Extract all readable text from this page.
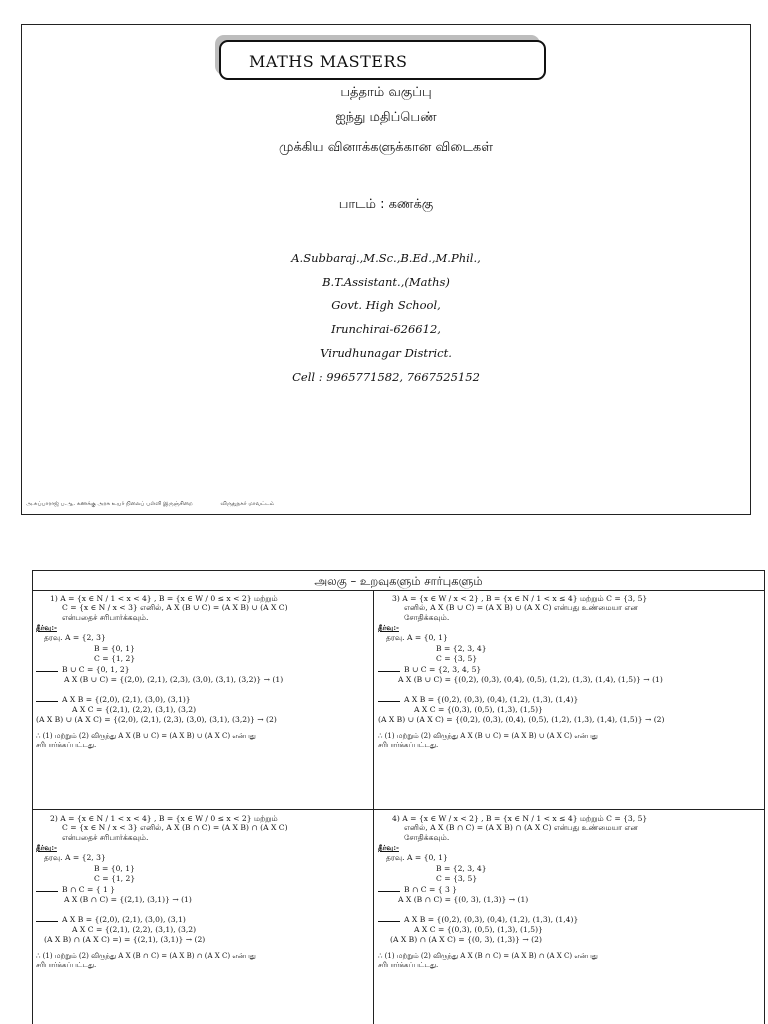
MATHS MASTERS
பத்தாம் வகுப்பு
ஐந்து மதிப்பெண்
முக்கிய வினாக்களுக்கான விடைகள்
பாடம் : கணக்கு
A.Subbaraj.,M.Sc.,B.Ed.,M.Phil.,
B.T.Assistant.,(Maths)
Govt. High School,
Irunchirai-626612,
Virudhunagar District.
Cell : 9965771582, 7667525152
அ.சுப்பாராஜ் ப.ஆ. கணக்கு அரசு உயர் நிலைப் பள்ளி இருஞ்சிறை	விருதுநகர் மாவட்டம்
அலகு – உறவுகளும் சார்புகளும்
1) A = {x ∈ N / 1 < x < 4} , B = {x ∈ W / 0 ≤ x < 2} மற்றும்
C = {x ∈ N / x < 3} எனில், A X (B ∪ C) = (A X B) ∪ (A X C)
என்பதைச் சரிபார்க்கவும்.
தீர்வு:-
தரவு. A = {2, 3}
B = {0, 1}
C = {1, 2}
B ∪ C = {0, 1, 2}
A X (B ∪ C) = {(2,0), (2,1), (2,3), (3,0), (3,1), (3,2)} → (1)
A X B = {(2,0), (2,1), (3,0), (3,1)}
A X C = {(2,1), (2,2), (3,1), (3,2)
(A X B) ∪ (A X C) = {(2,0), (2,1), (2,3), (3,0), (3,1), (3,2)} → (2)
∴ (1) மற்றும் (2) விருந்து A X (B ∪ C) = (A X B) ∪ (A X C) என்பது
சரிபார்க்கப்பட்டது.
3) A = {x ∈ W / x < 2} , B = {x ∈ N / 1 < x ≤ 4} மற்றும் C = {3, 5}
எனில், A X (B ∪ C) = (A X B) ∪ (A X C) என்பது உண்மையா என
சோதிக்கவும்.
தீர்வு:-
தரவு. A = {0, 1}
B = {2, 3, 4}
C = {3, 5}
B ∪ C = {2, 3, 4, 5}
A X (B ∪ C) = {(0,2), (0,3), (0,4), (0,5), (1,2), (1,3), (1,4), (1,5)} → (1)
A X B = {(0,2), (0,3), (0,4), (1,2), (1,3), (1,4)}
A X C = {(0,3), (0,5), (1,3), (1,5)}
(A X B) ∪ (A X C) = {(0,2), (0,3), (0,4), (0,5), (1,2), (1,3), (1,4), (1,5)} → (2)
∴ (1) மற்றும் (2) விருந்து A X (B ∪ C) = (A X B) ∪ (A X C) என்பது
சரிபார்க்கப்பட்டது.
2) A = {x ∈ N / 1 < x < 4} , B = {x ∈ W / 0 ≤ x < 2} மற்றும்
C = {x ∈ N / x < 3} எனில், A X (B ∩ C) = (A X B) ∩ (A X C)
என்பதைச் சரிபார்க்கவும்.
தீர்வு:-
தரவு. A = {2, 3}
B = {0, 1}
C = {1, 2}
B ∩ C = { 1 }
A X (B ∩ C) = {(2,1), (3,1)} → (1)
A X B = {(2,0), (2,1), (3,0), (3,1)
A X C = {(2,1), (2,2), (3,1), (3,2)
(A X B) ∩ (A X C) =) = {(2,1), (3,1)} → (2)
∴ (1) மற்றும் (2) விருந்து A X (B ∩ C) = (A X B) ∩ (A X C) என்பது
சரிபார்க்கப்பட்டது.
4) A = {x ∈ W / x < 2} , B = {x ∈ N / 1 < x ≤ 4} மற்றும் C = {3, 5}
எனில், A X (B ∩ C) = (A X B) ∩ (A X C) என்பது உண்மையா என
சோதிக்கவும்.
தீர்வு:-
தரவு. A = {0, 1}
B = {2, 3, 4}
C = {3, 5}
B ∩ C = { 3 }
A X (B ∩ C) = {(0, 3), (1,3)} → (1)
A X B = {(0,2), (0,3), (0,4), (1,2), (1,3), (1,4)}
A X C = {(0,3), (0,5), (1,3), (1,5)}
(A X B) ∩ (A X C) = {(0, 3), (1,3)} → (2)
∴ (1) மற்றும் (2) விருந்து A X (B ∩ C) = (A X B) ∩ (A X C) என்பது
சரிபார்க்கப்பட்டது.
